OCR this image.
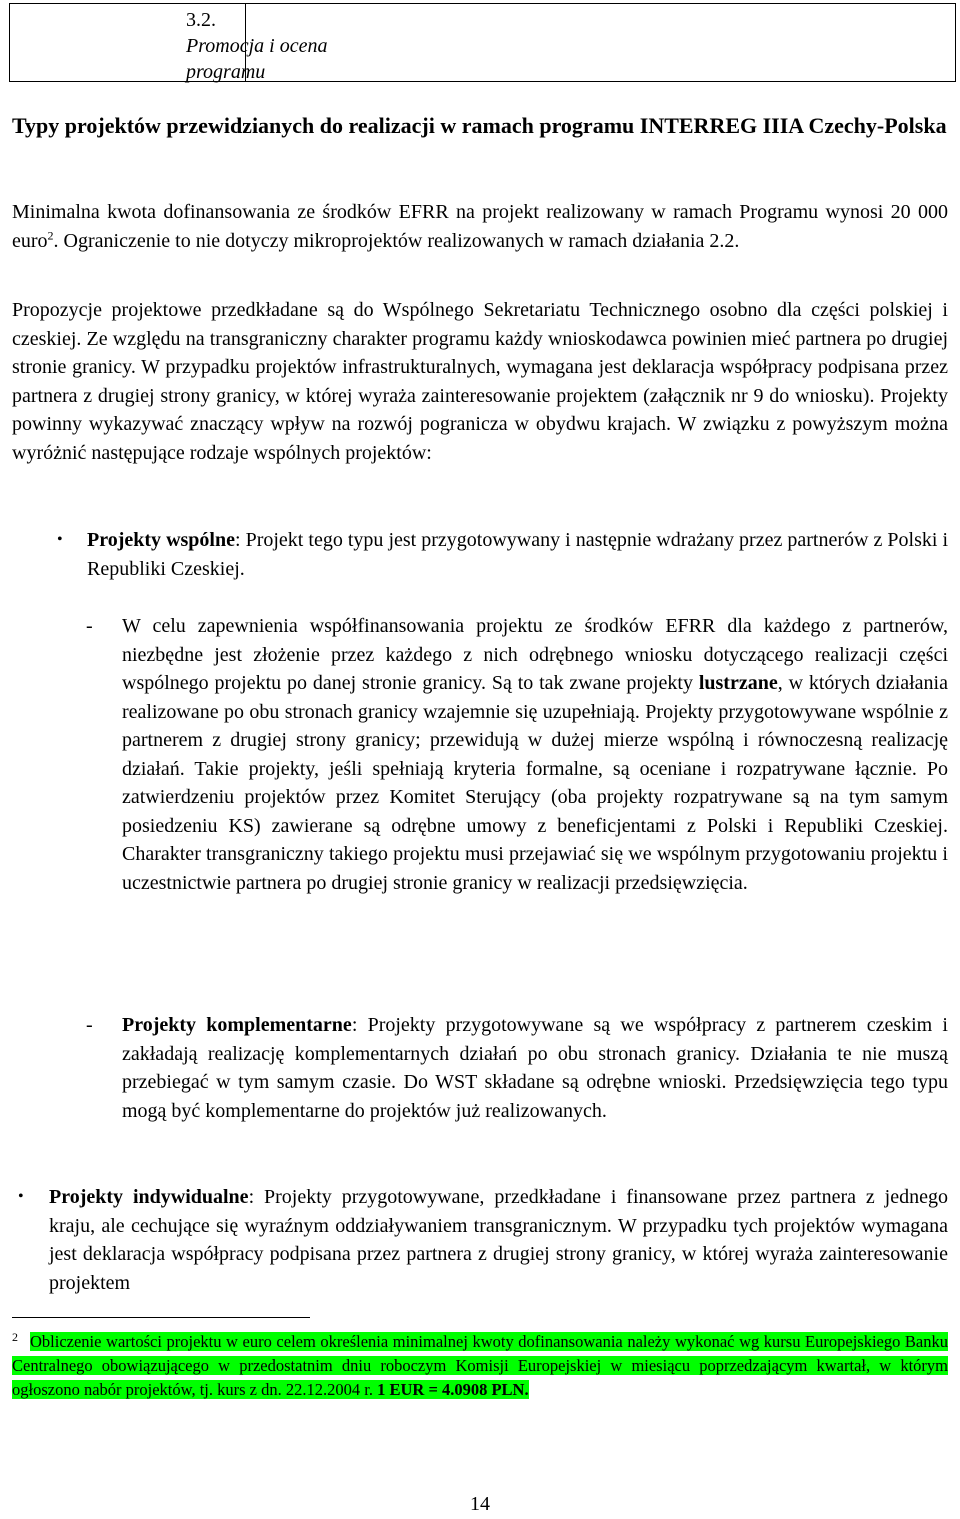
3.2.
Promocja i ocena
programu
Typy projektów przewidzianych do realizacji w ramach programu INTERREG IIIA Czechy-Polska

Minimalna kwota dofinansowania ze środków EFRR na projekt realizowany w ramach Programu wynosi 20 000 euro$^2$. Ograniczenie to nie dotyczy mikroprojektów realizowanych w ramach działania 2.2.

Propozycje projektowe przedkładane są do Wspólnego Sekretariatu Technicznego osobno dla części polskiej i czeskiej. Ze względu na transgraniczny charakter programu każdy wnioskodawca powinien mieć partnera po drugiej stronie granicy. W przypadku projektów infrastrukturalnych, wymagana jest deklaracja współpracy podpisana przez partnera z drugiej strony granicy, w której wyraża zainteresowanie projektem (załącznik nr 9 do wniosku). Projekty powinny wykazywać znaczący wpływ na rozwój pogranicza w obydwu krajach. W związku z powyższym można wyróżnić następujące rodzaje wspólnych projektów:

• Projekty wspólne: Projekt tego typu jest przygotowywany i następnie wdrażany przez partnerów z Polski i Republiki Czeskiej.

- W celu zapewnienia współfinansowania projektu ze środków EFRR dla każdego z partnerów, niezbędne jest złożenie przez każdego z nich odrębnego wniosku dotyczącego realizacji części wspólnego projektu po danej stronie granicy. Są to tak zwane projekty lustrzane, w których działania realizowane po obu stronach granicy wzajemnie się uzupełniają. Projekty przygotowywane wspólnie z partnerem z drugiej strony granicy; przewidują w dużej mierze wspólną i równoczesną realizację działań. Takie projekty, jeśli spełniają kryteria formalne, są oceniane i rozpatrywane łącznie. Po zatwierdzeniu projektów przez Komitet Sterujący (oba projekty rozpatrywane są na tym samym posiedzeniu KS) zawierane są odrębne umowy z beneficjentami z Polski i Republiki Czeskiej. Charakter transgraniczny takiego projektu musi przejawiać się we wspólnym przygotowaniu projektu i uczestnictwie partnera po drugiej stronie granicy w realizacji przedsięwzięcia.

- Projekty komplementarne: Projekty przygotowywane są we współpracy z partnerem czeskim i zakładają realizację komplementarnych działań po obu stronach granicy. Działania te nie muszą przebiegać w tym samym czasie. Do WST składane są odrębne wnioski. Przedsięwzięcia tego typu mogą być komplementarne do projektów już realizowanych.

• Projekty indywidualne: Projekty przygotowywane, przedkładane i finansowane przez partnera z jednego kraju, ale cechujące się wyraźnym oddziaływaniem transgranicznym. W przypadku tych projektów wymagana jest deklaracja współpracy podpisana przez partnera z drugiej strony granicy, w której wyraża zainteresowanie projektem

$^2$ Obliczenie wartości projektu w euro celem określenia minimalnej kwoty dofinansowania należy wykonać wg kursu Europejskiego Banku Centralnego obowiązującego w przedostatnim dniu roboczym Komisji Europejskiej w miesiącu poprzedzającym kwartał, w którym ogłoszono nabór projektów, tj. kurs z dn. 22.12.2004 r. 1 EUR = 4.0908 PLN.

14
